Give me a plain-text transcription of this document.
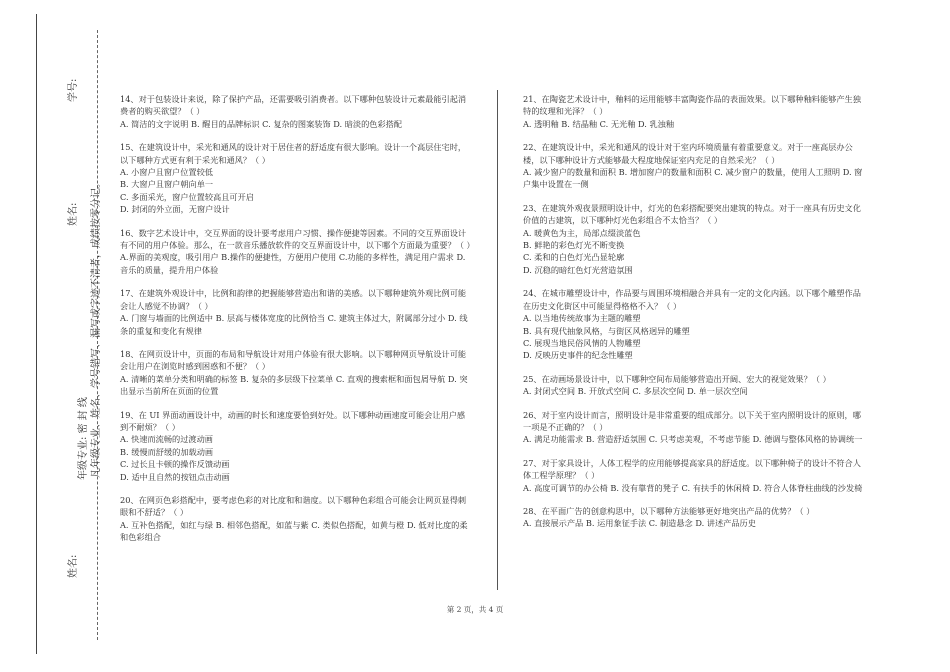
姓名:
年级专业: 密 封 线 凡年级专业、姓名、学号错写、漏写或字迹不清者，成绩按零分记。
姓名:
学号:	14、对于包装设计来说，除了保护产品，还需要吸引消费者。以下哪种包装设计元素最能引起消费者的购买欲望？（ ）

A. 简洁的文字说明 B. 醒目的品牌标识 C. 复杂的图案装饰 D. 暗淡的色彩搭配

15、在建筑设计中，采光和通风的设计对于居住者的舒适度有很大影响。设计一个高层住宅时，以下哪种方式更有利于采光和通风？（ ）

A. 小窗户且窗户位置较低

B. 大窗户且窗户朝向单一

C. 多面采光，窗户位置较高且可开启

D. 封闭的外立面，无窗户设计

16、数字艺术设计中，交互界面的设计要考虑用户习惯、操作便捷等因素。不同的交互界面设计有不同的用户体验。那么，在一款音乐播放软件的交互界面设计中，以下哪个方面最为重要？（ ）

A.界面的美观度，吸引用户 B.操作的便捷性，方便用户使用 C.功能的多样性，满足用户需求 D.音乐的质量，提升用户体验

17、在建筑外观设计中，比例和韵律的把握能够营造出和谐的美感。以下哪种建筑外观比例可能会让人感觉不协调？（ ）

A. 门窗与墙面的比例适中 B. 层高与楼体宽度的比例恰当 C. 建筑主体过大，附属部分过小 D. 线条的重复和变化有规律

18、在网页设计中，页面的布局和导航设计对用户体验有很大影响。以下哪种网页导航设计可能会让用户在浏览时感到困惑和不便？（ ）

A. 清晰的菜单分类和明确的标签 B. 复杂的多层级下拉菜单 C. 直观的搜索框和面包屑导航 D. 突出显示当前所在页面的位置

19、在 UI 界面动画设计中，动画的时长和速度要恰到好处。以下哪种动画速度可能会让用户感到不耐烦？（ ）

A. 快速而流畅的过渡动画

B. 缓慢而舒缓的加载动画

C. 过长且卡顿的操作反馈动画

D. 适中且自然的按钮点击动画

20、在网页色彩搭配中，要考虑色彩的对比度和和谐度。以下哪种色彩组合可能会让网页显得刺眼和不舒适？（ ）

A. 互补色搭配，如红与绿 B. 相邻色搭配，如蓝与紫 C. 类似色搭配，如黄与橙 D. 低对比度的柔和色彩组合

21、在陶瓷艺术设计中，釉料的运用能够丰富陶瓷作品的表面效果。以下哪种釉料能够产生独特的纹理和光泽？（ ）

A. 透明釉 B. 结晶釉 C. 无光釉 D. 乳浊釉

22、在建筑设计中，采光和通风的设计对于室内环境质量有着重要意义。对于一座高层办公楼，以下哪种设计方式能够最大程度地保证室内充足的自然采光？（ ）

A. 减少窗户的数量和面积 B. 增加窗户的数量和面积 C. 减少窗户的数量，使用人工照明 D. 窗户集中设置在一侧

23、在建筑外观夜景照明设计中，灯光的色彩搭配要突出建筑的特点。对于一座具有历史文化价值的古建筑，以下哪种灯光色彩组合不太恰当？（ ）

A. 暖黄色为主，局部点缀淡蓝色

B. 鲜艳的彩色灯光不断变换

C. 柔和的白色灯光凸显轮廓

D. 沉稳的暗红色灯光营造氛围

24、在城市雕塑设计中，作品要与周围环境相融合并具有一定的文化内涵。以下哪个雕塑作品在历史文化街区中可能显得格格不入？（ ）

A. 以当地传统故事为主题的雕塑

B. 具有现代抽象风格，与街区风格迥异的雕塑

C. 展现当地民俗风情的人物雕塑

D. 反映历史事件的纪念性雕塑

25、在动画场景设计中，以下哪种空间布局能够营造出开阔、宏大的视觉效果？（ ）

A. 封闭式空间 B. 开放式空间 C. 多层次空间 D. 单一层次空间

26、对于室内设计而言，照明设计是非常重要的组成部分。以下关于室内照明设计的原则，哪一项是不正确的？（ ）

A. 满足功能需求 B. 营造舒适氛围 C. 只考虑美观，不考虑节能 D. 德调与整体风格的协调统一

27、对于家具设计，人体工程学的应用能够提高家具的舒适度。以下哪种椅子的设计不符合人体工程学原理？（ ）

A. 高度可调节的办公椅 B. 没有靠背的凳子 C. 有扶手的休闲椅 D. 符合人体脊柱曲线的沙发椅

28、在平面广告的创意构思中，以下哪种方法能够更好地突出产品的优势？（ ）

A. 直接展示产品 B. 运用象征手法 C. 制造悬念 D. 讲述产品历史

第 2 页，共 4 页
